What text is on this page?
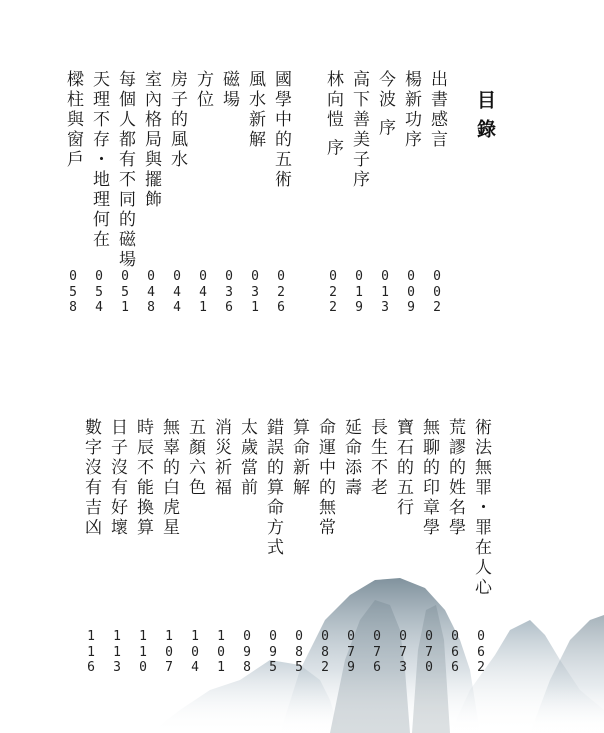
目錄
出書感言
楊新功序
今波 序
高下善美子序
林向愷 序
國學中的五術
風水新解
磁場
方位
房子的風水
室內格局與擺飾
每個人都有不同的磁場
天理不存・地理何在
樑柱與窗戶
002
009
013
019
022
026
031
036
041
044
048
051
054
058
術法無罪・罪在人心
荒謬的姓名學
無聊的印章學
寶石的五行
長生不老
延命添壽
命運中的無常
算命新解
錯誤的算命方式
太歲當前
消災祈福
五顏六色
無辜的白虎星
時辰不能換算
日子沒有好壞
數字沒有吉凶
062
066
070
073
076
079
082
085
095
098
101
104
107
110
113
116
